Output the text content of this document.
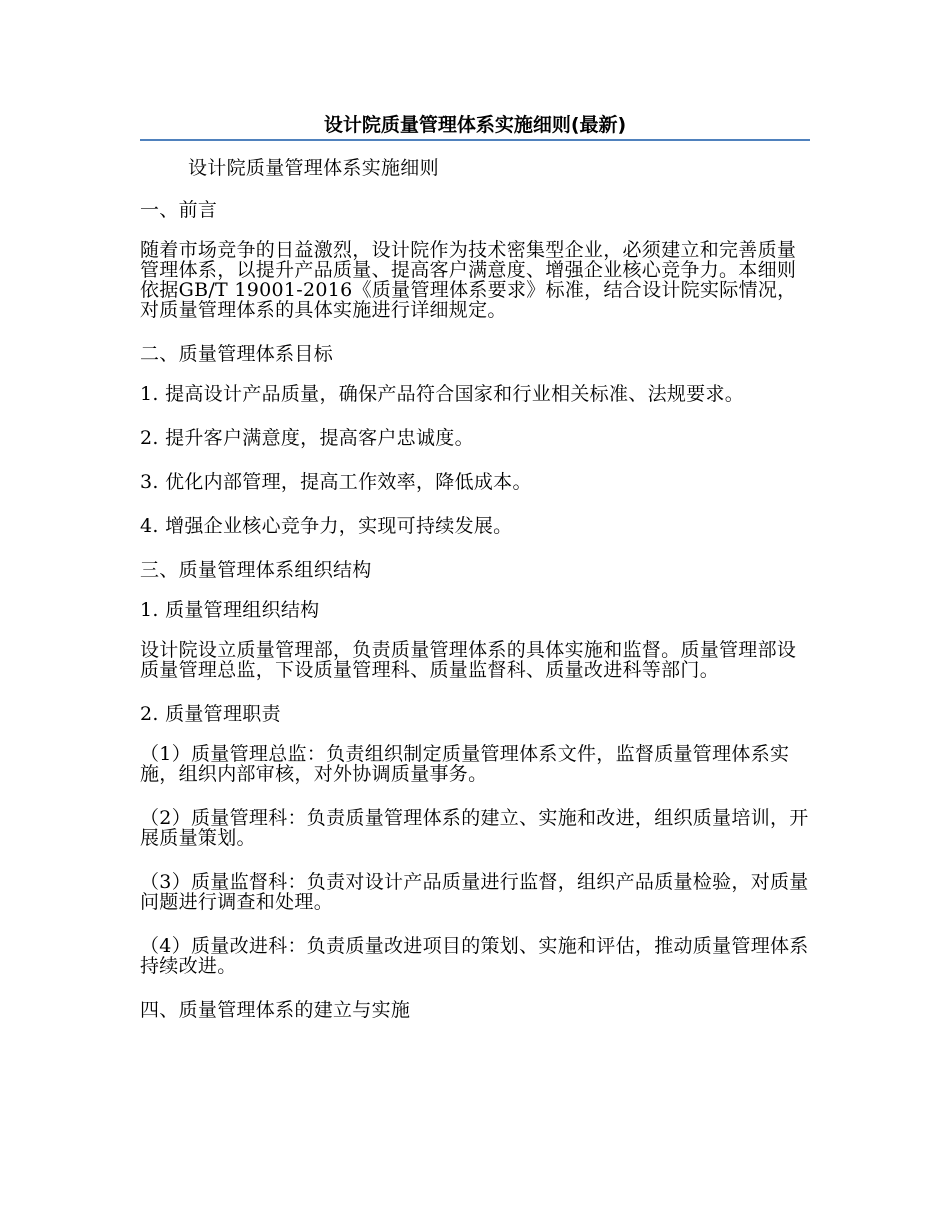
设计院质量管理体系实施细则(最新)

设计院质量管理体系实施细则

一、前言

随着市场竞争的日益激烈，设计院作为技术密集型企业，必须建立和完善质量管理体系，以提升产品质量、提高客户满意度、增强企业核心竞争力。本细则依据GB/T 19001-2016《质量管理体系要求》标准，结合设计院实际情况，对质量管理体系的具体实施进行详细规定。

二、质量管理体系目标

1. 提高设计产品质量，确保产品符合国家和行业相关标准、法规要求。

2. 提升客户满意度，提高客户忠诚度。

3. 优化内部管理，提高工作效率，降低成本。

4. 增强企业核心竞争力，实现可持续发展。

三、质量管理体系组织结构

1. 质量管理组织结构

设计院设立质量管理部，负责质量管理体系的具体实施和监督。质量管理部设质量管理总监，下设质量管理科、质量监督科、质量改进科等部门。

2. 质量管理职责

（1）质量管理总监：负责组织制定质量管理体系文件，监督质量管理体系实施，组织内部审核，对外协调质量事务。

（2）质量管理科：负责质量管理体系的建立、实施和改进，组织质量培训，开展质量策划。

（3）质量监督科：负责对设计产品质量进行监督，组织产品质量检验，对质量问题进行调查和处理。

（4）质量改进科：负责质量改进项目的策划、实施和评估，推动质量管理体系持续改进。

四、质量管理体系的建立与实施
